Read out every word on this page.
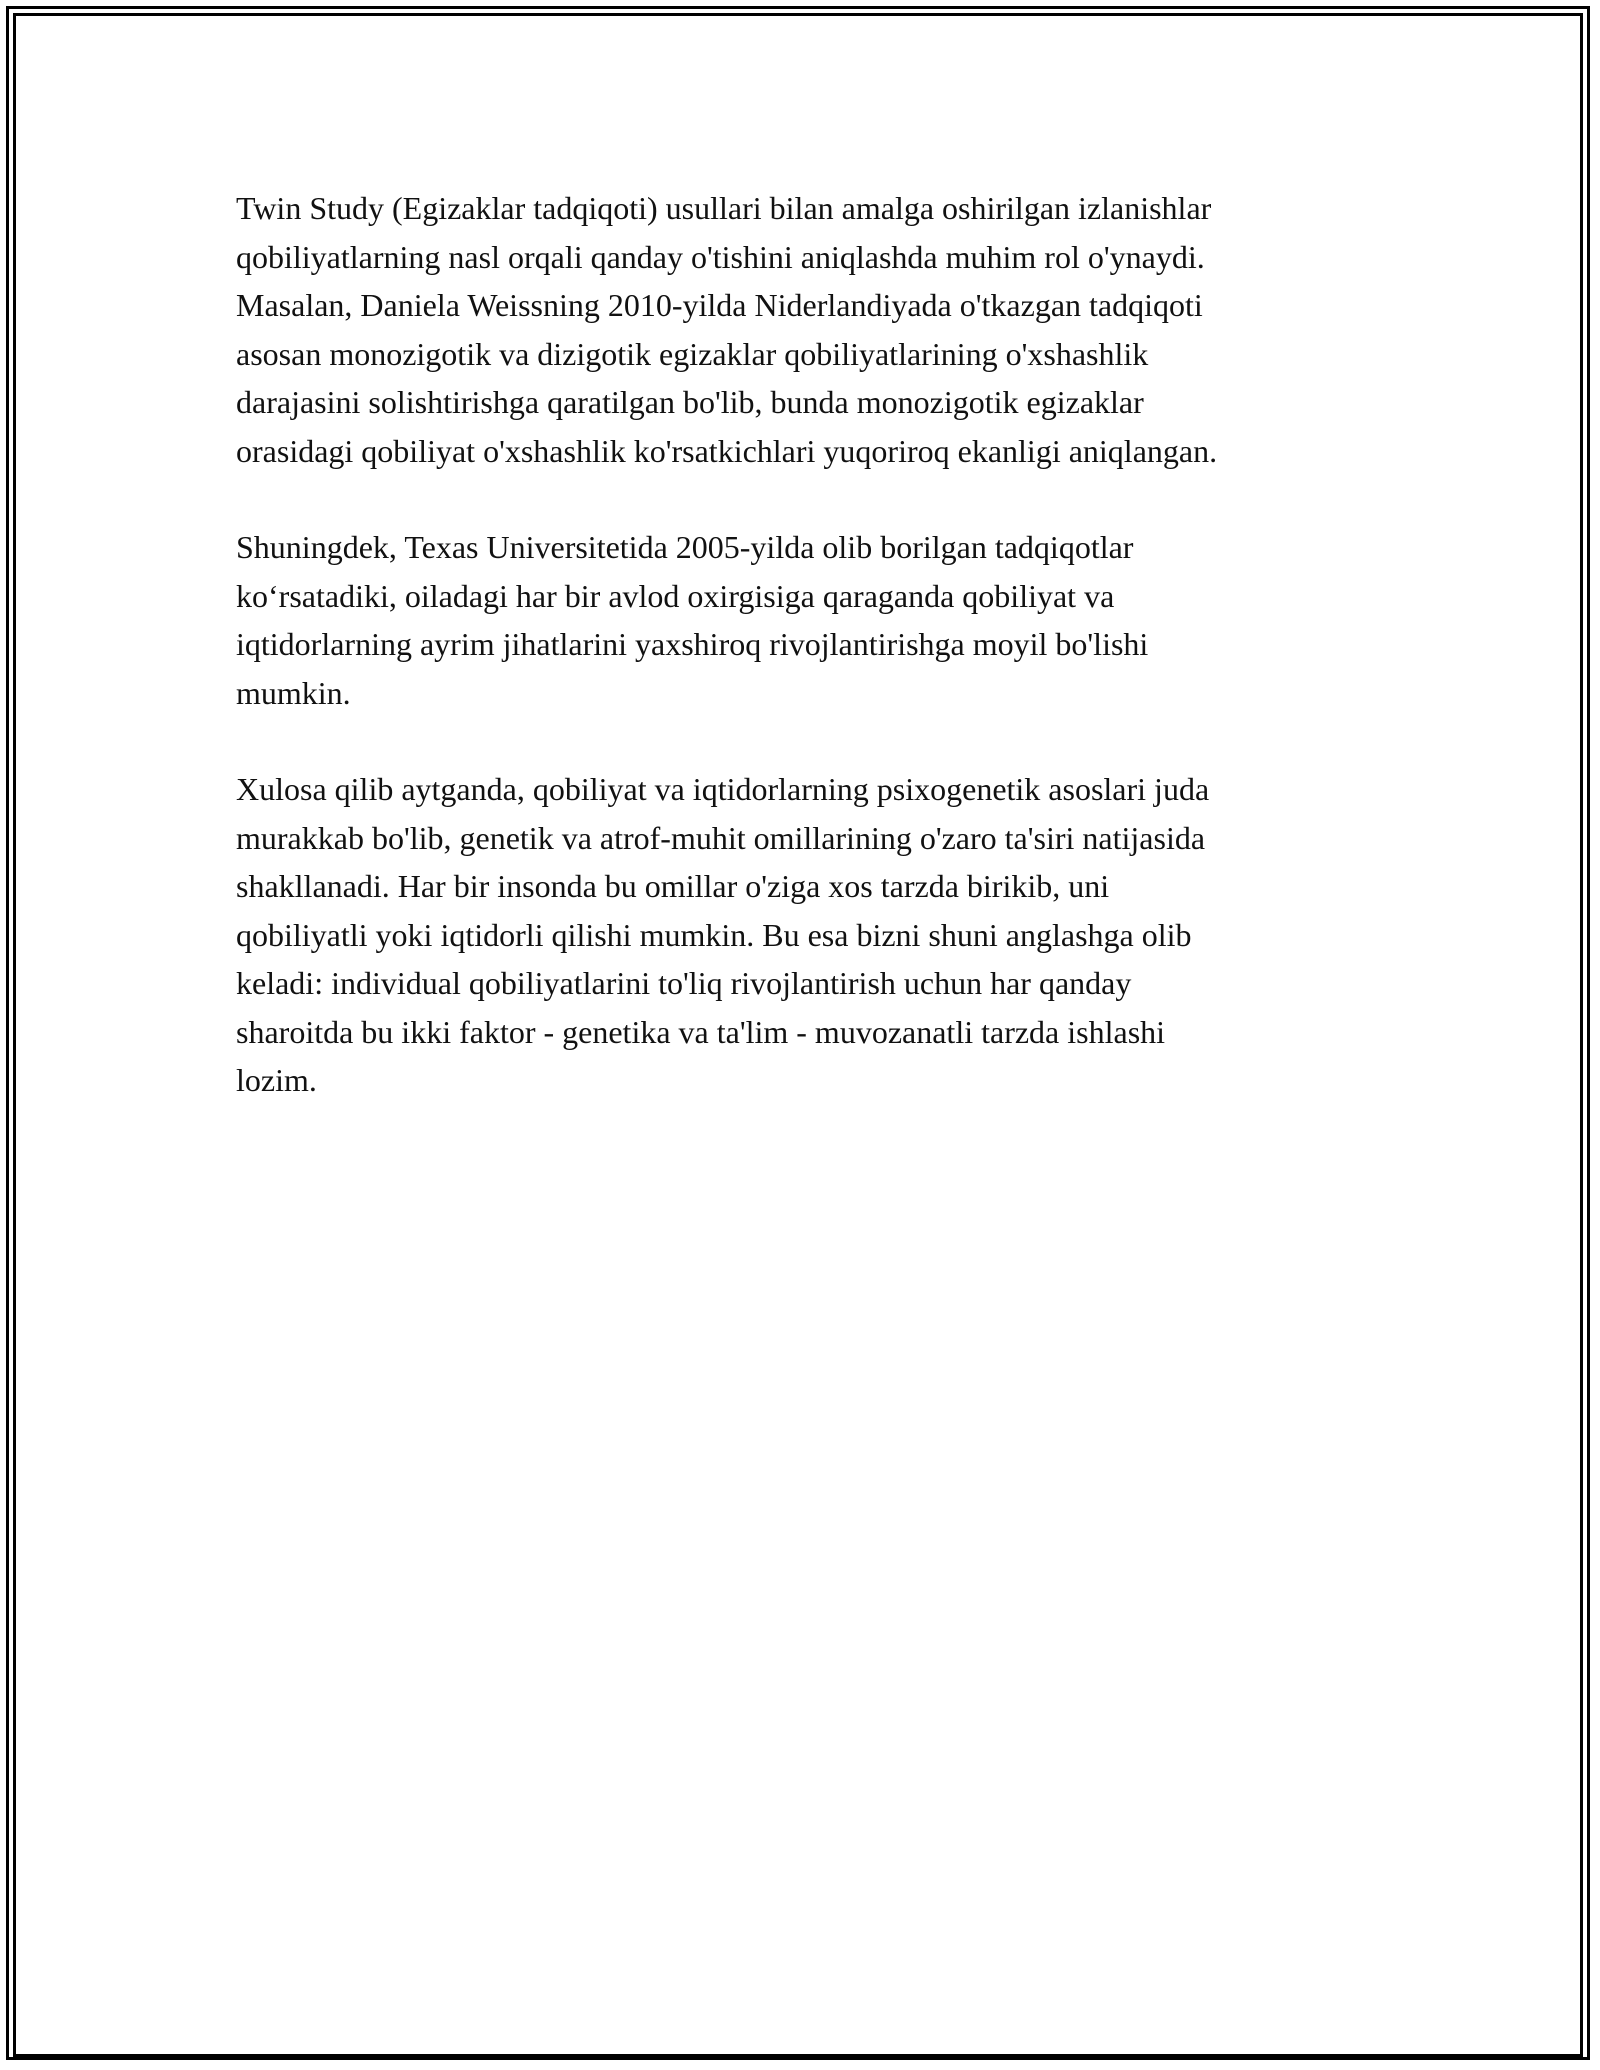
Twin Study (Egizaklar tadqiqoti) usullari bilan amalga oshirilgan izlanishlar
qobiliyatlarning nasl orqali qanday o'tishini aniqlashda muhim rol o'ynaydi.
Masalan, Daniela Weissning 2010-yilda Niderlandiyada o'tkazgan tadqiqoti
asosan monozigotik va dizigotik egizaklar qobiliyatlarining o'xshashlik
darajasini solishtirishga qaratilgan bo'lib, bunda monozigotik egizaklar
orasidagi qobiliyat o'xshashlik ko'rsatkichlari yuqoriroq ekanligi aniqlangan.

Shuningdek, Texas Universitetida 2005-yilda olib borilgan tadqiqotlar
ko‘rsatadiki, oiladagi har bir avlod oxirgisiga qaraganda qobiliyat va
iqtidorlarning ayrim jihatlarini yaxshiroq rivojlantirishga moyil bo'lishi
mumkin.

Xulosa qilib aytganda, qobiliyat va iqtidorlarning psixogenetik asoslari juda
murakkab bo'lib, genetik va atrof-muhit omillarining o'zaro ta'siri natijasida
shakllanadi. Har bir insonda bu omillar o'ziga xos tarzda birikib, uni
qobiliyatli yoki iqtidorli qilishi mumkin. Bu esa bizni shuni anglashga olib
keladi: individual qobiliyatlarini to'liq rivojlantirish uchun har qanday
sharoitda bu ikki faktor - genetika va ta'lim - muvozanatli tarzda ishlashi
lozim.
